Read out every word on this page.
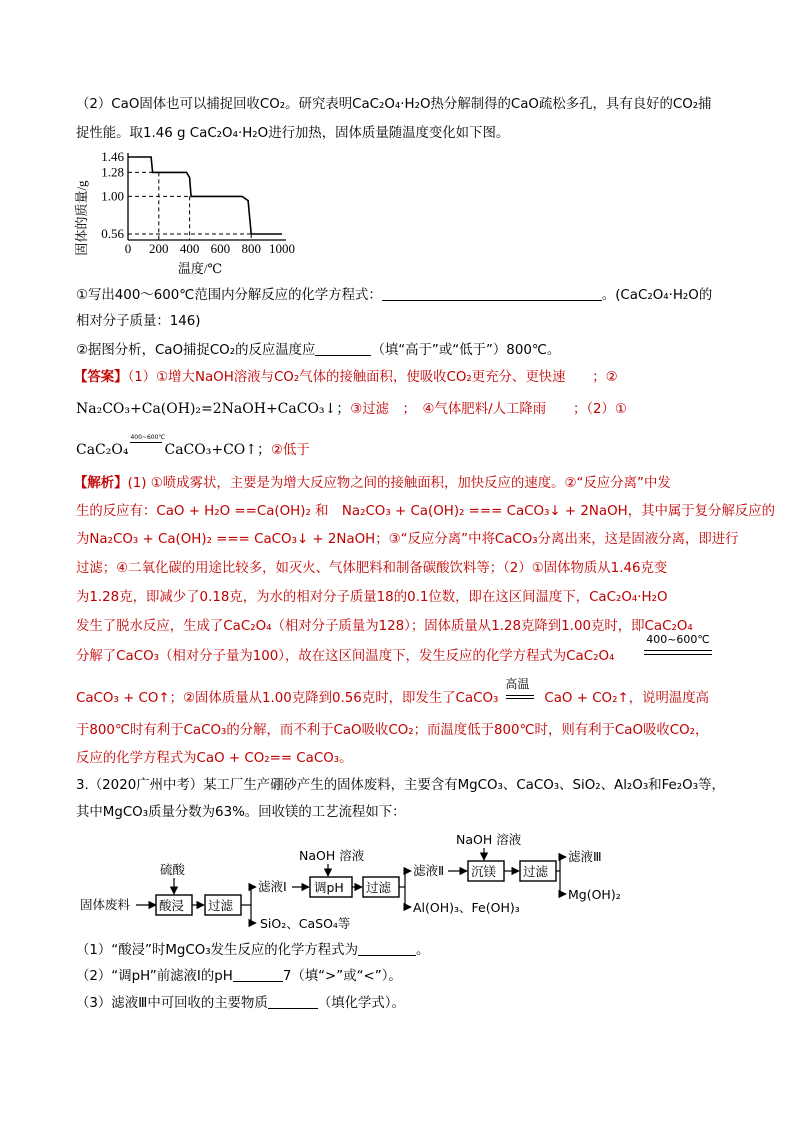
（2）CaO固体也可以捕捉回收CO₂。研究表明CaC₂O₄·H₂O热分解制得的CaO疏松多孔，具有良好的CO₂捕
捉性能。取1.46 g CaC₂O₄·H₂O进行加热，固体质量随温度变化如下图。
固体的质量/g
1.46
1.28
1.00
0.56
0 200 400 600 800 1000
温度/℃
①写出400～600℃范围内分解反应的化学方程式：	。(CaC₂O₄·H₂O的
相对分子质量：146)
②据图分析，CaO捕捉CO₂的反应温度应	（填“高于”或“低于”）800℃。
【答案】（1）①增大NaOH溶液与CO₂气体的接触面积，使吸收CO₂更充分、更快速　　；②
Na₂CO₃+Ca(OH)₂=2NaOH+CaCO₃↓；③过滤　；　④气体肥料/人工降雨　　；（2）①
CaC₂O₄
400~600℃
CaCO₃+CO↑；②低于
【解析】(1) ①喷成雾状，主要是为增大反应物之间的接触面积，加快反应的速度。②“反应分离”中发
生的反应有：CaO + H₂O ==Ca(OH)₂ 和　Na₂CO₃ + Ca(OH)₂ === CaCO₃↓ + 2NaOH，其中属于复分解反应的
为Na₂CO₃ + Ca(OH)₂ === CaCO₃↓ + 2NaOH；③“反应分离”中将CaCO₃分离出来，这是固液分离，即进行
过滤；④二氧化碳的用途比较多，如灭火、气体肥料和制备碳酸饮料等；（2）①固体物质从1.46克变
为1.28克，即减少了0.18克，为水的相对分子质量18的0.1位数，即在这区间温度下，CaC₂O₄·H₂O
发生了脱水反应，生成了CaC₂O₄（相对分子质量为128）；固体质量从1.28克降到1.00克时，即CaC₂O₄
分解了CaCO₃（相对分子量为100），故在这区间温度下，发生反应的化学方程式为CaC₂O₄
400~600℃
CaCO₃ + CO↑；②固体质量从1.00克降到0.56克时，即发生了CaCO₃
高温
CaO + CO₂↑，说明温度高
于800℃时有利于CaCO₃的分解，而不利于CaO吸收CO₂；而温度低于800℃时，则有利于CaO吸收CO₂，
反应的化学方程式为CaO + CO₂== CaCO₃。
3.（2020广州中考）某工厂生产硼砂产生的固体废料，主要含有MgCO₃、CaCO₃、SiO₂、Al₂O₃和Fe₂O₃等，
其中MgCO₃质量分数为63%。回收镁的工艺流程如下：
固体废料
硫酸
酸浸 过滤
滤液Ⅰ
SiO₂、CaSO₄等
NaOH 溶液
调pH 过滤
滤液Ⅱ
Al(OH)₃、Fe(OH)₃
NaOH 溶液
沉镁 过滤
滤液Ⅲ
Mg(OH)₂
（1）“酸浸”时MgCO₃发生反应的化学方程式为	。
（2）“调pH”前滤液Ⅰ的pH	7（填“>”或“<”）。
（3）滤液Ⅲ中可回收的主要物质	（填化学式）。
